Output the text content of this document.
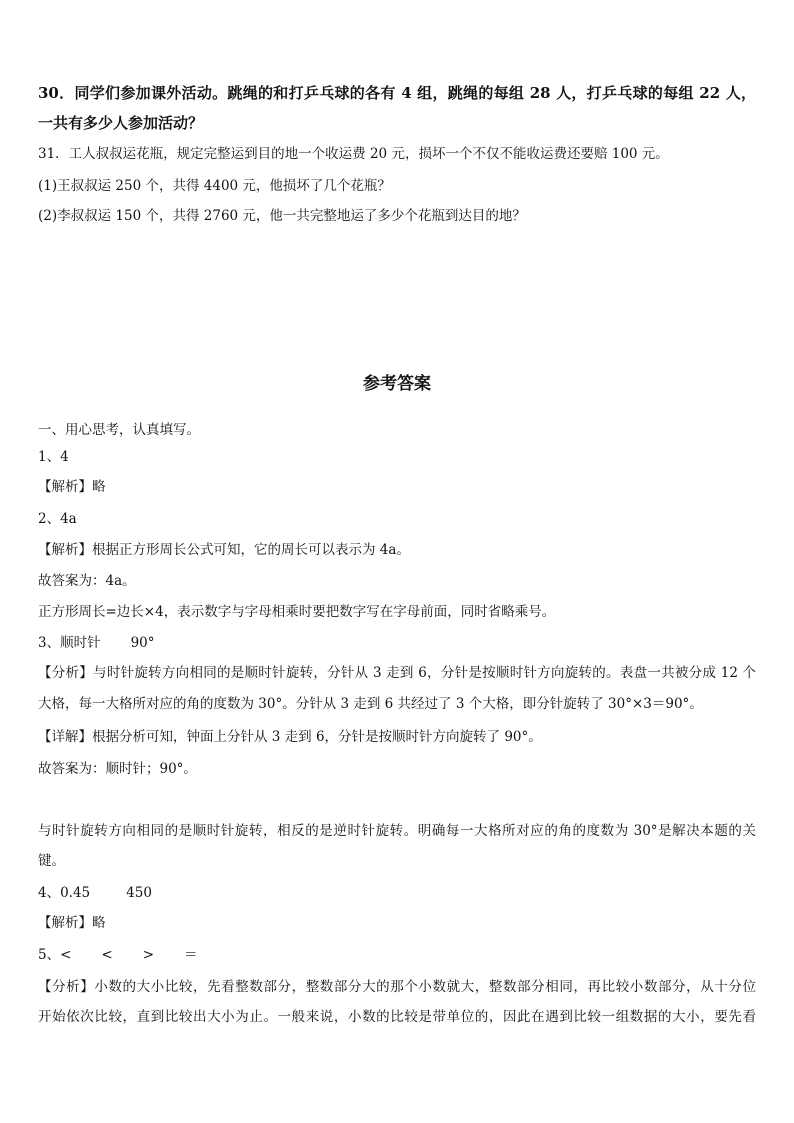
30．同学们参加课外活动。跳绳的和打乒乓球的各有 4 组，跳绳的每组 28 人，打乒乓球的每组 22 人，
一共有多少人参加活动？
31．工人叔叔运花瓶，规定完整运到目的地一个收运费 20 元，损坏一个不仅不能收运费还要赔 100 元。
(1)王叔叔运 250 个，共得 4400 元，他损坏了几个花瓶？
(2)李叔叔运 150 个，共得 2760 元，他一共完整地运了多少个花瓶到达目的地？
参考答案
一、用心思考，认真填写。
1、4
【解析】略
2、4a
【解析】根据正方形周长公式可知，它的周长可以表示为 4a。
故答案为：4a。
正方形周长=边长×4，表示数字与字母相乘时要把数字写在字母前面，同时省略乘号。
3、顺时针 90°
【分析】与时针旋转方向相同的是顺时针旋转，分针从 3 走到 6，分针是按顺时针方向旋转的。表盘一共被分成 12 个
大格，每一大格所对应的角的度数为 30°。分针从 3 走到 6 共经过了 3 个大格，即分针旋转了 30°×3＝90°。
【详解】根据分析可知，钟面上分针从 3 走到 6，分针是按顺时针方向旋转了 90°。
故答案为：顺时针；90°。
与时针旋转方向相同的是顺时针旋转，相反的是逆时针旋转。明确每一大格所对应的角的度数为 30°是解决本题的关
键。
4、0.45	450
【解析】略
5、< < > ＝
【分析】小数的大小比较，先看整数部分，整数部分大的那个小数就大，整数部分相同，再比较小数部分，从十分位
开始依次比较，直到比较出大小为止。一般来说，小数的比较是带单位的，因此在遇到比较一组数据的大小，要先看
